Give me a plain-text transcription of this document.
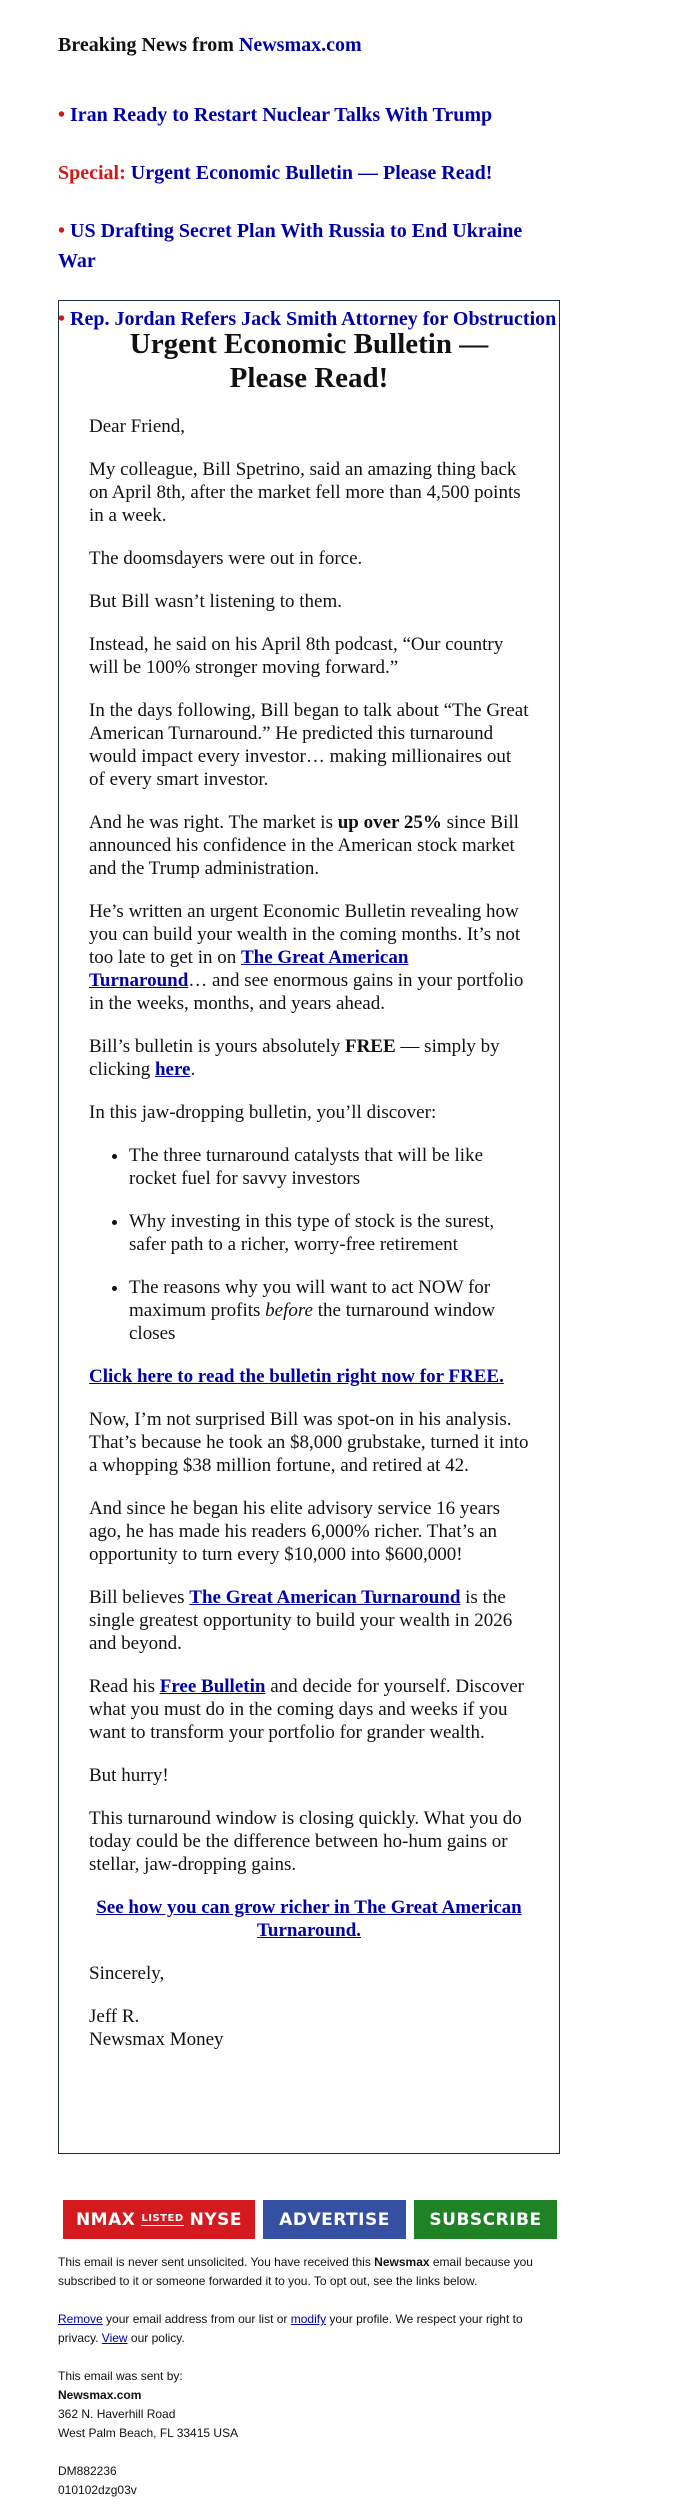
Breaking News from Newsmax.com
• Iran Ready to Restart Nuclear Talks With Trump
Special: Urgent Economic Bulletin — Please Read!
• US Drafting Secret Plan With Russia to End Ukraine War
• Rep. Jordan Refers Jack Smith Attorney for Obstruction
Urgent Economic Bulletin — Please Read!

Dear Friend,

My colleague, Bill Spetrino, said an amazing thing back on April 8th, after the market fell more than 4,500 points in a week.

The doomsdayers were out in force.

But Bill wasn’t listening to them.

Instead, he said on his April 8th podcast, “Our country will be 100% stronger moving forward.”

In the days following, Bill began to talk about “The Great American Turnaround.” He predicted this turnaround would impact every investor… making millionaires out of every smart investor.

And he was right. The market is up over 25% since Bill announced his confidence in the American stock market and the Trump administration.

He’s written an urgent Economic Bulletin revealing how you can build your wealth in the coming months. It’s not too late to get in on The Great American Turnaround… and see enormous gains in your portfolio in the weeks, months, and years ahead.

Bill’s bulletin is yours absolutely FREE — simply by clicking here.

In this jaw-dropping bulletin, you’ll discover:

• The three turnaround catalysts that will be like rocket fuel for savvy investors
• Why investing in this type of stock is the surest, safer path to a richer, worry-free retirement
• The reasons why you will want to act NOW for maximum profits before the turnaround window closes

Click here to read the bulletin right now for FREE.

Now, I’m not surprised Bill was spot-on in his analysis. That’s because he took an $8,000 grubstake, turned it into a whopping $38 million fortune, and retired at 42.

And since he began his elite advisory service 16 years ago, he has made his readers 6,000% richer. That’s an opportunity to turn every $10,000 into $600,000!

Bill believes The Great American Turnaround is the single greatest opportunity to build your wealth in 2026 and beyond.

Read his Free Bulletin and decide for yourself. Discover what you must do in the coming days and weeks if you want to transform your portfolio for grander wealth.

But hurry!

This turnaround window is closing quickly. What you do today could be the difference between ho-hum gains or stellar, jaw-dropping gains.

See how you can grow richer in The Great American Turnaround.

Sincerely,

Jeff R.
Newsmax Money

NMAX LISTED NYSE	ADVERTISE	SUBSCRIBE

This email is never sent unsolicited. You have received this Newsmax email because you subscribed to it or someone forwarded it to you. To opt out, see the links below.

Remove your email address from our list or modify your profile. We respect your right to privacy. View our policy.

This email was sent by:
Newsmax.com
362 N. Haverhill Road
West Palm Beach, FL 33415 USA

DM882236
010102dzg03v
